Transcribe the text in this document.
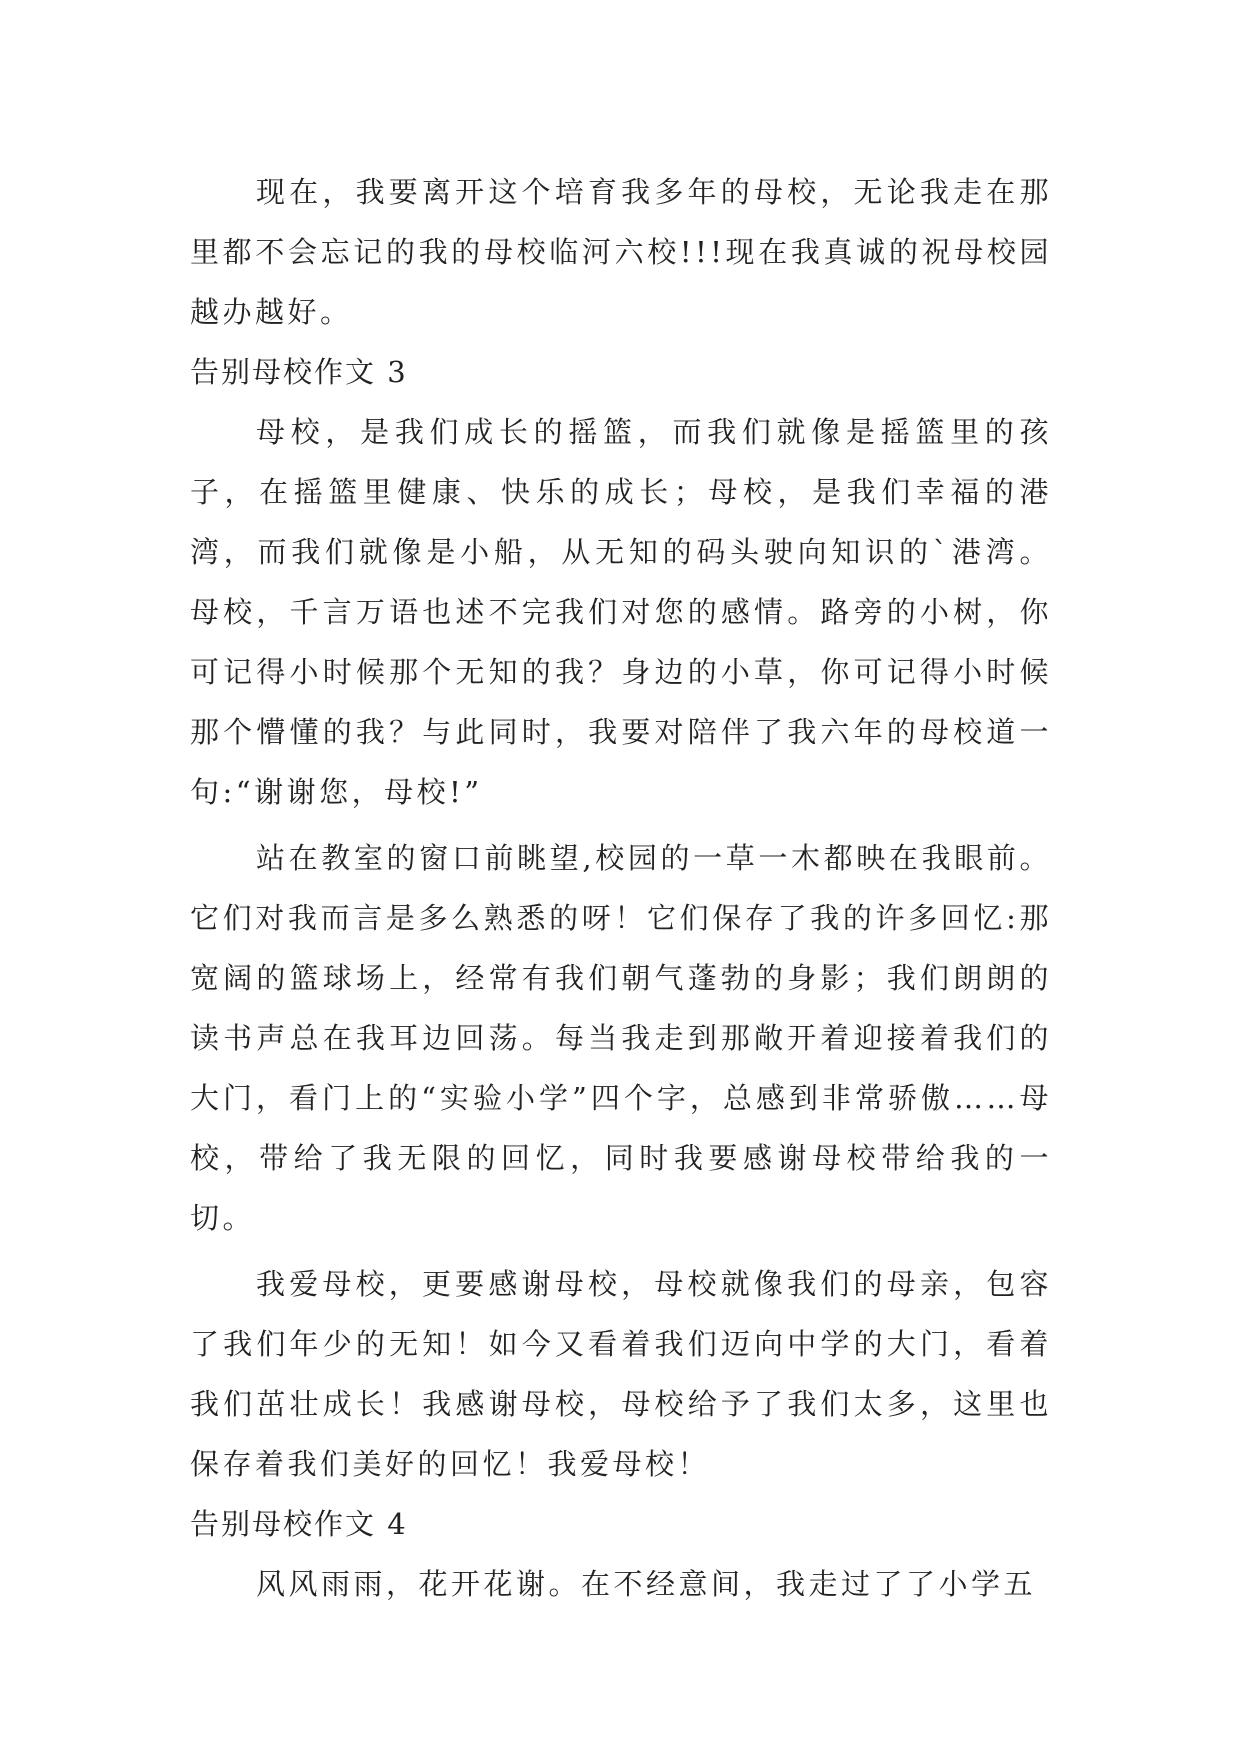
现在，我要离开这个培育我多年的母校，无论我走在那里都不会忘记的我的母校临河六校!!!现在我真诚的祝母校园越办越好。

告别母校作文 3

母校，是我们成长的摇篮，而我们就像是摇篮里的孩子，在摇篮里健康、快乐的成长；母校，是我们幸福的港湾，而我们就像是小船，从无知的码头驶向知识的`港湾。母校，千言万语也述不完我们对您的感情。路旁的小树，你可记得小时候那个无知的我？身边的小草，你可记得小时候那个懵懂的我？与此同时，我要对陪伴了我六年的母校道一句:“谢谢您，母校!”

站在教室的窗口前眺望,校园的一草一木都映在我眼前。它们对我而言是多么熟悉的呀！它们保存了我的许多回忆:那宽阔的篮球场上，经常有我们朝气蓬勃的身影；我们朗朗的读书声总在我耳边回荡。每当我走到那敞开着迎接着我们的大门，看门上的“实验小学”四个字，总感到非常骄傲……母校，带给了我无限的回忆，同时我要感谢母校带给我的一切。

我爱母校，更要感谢母校，母校就像我们的母亲，包容了我们年少的无知！如今又看着我们迈向中学的大门，看着我们茁壮成长！我感谢母校，母校给予了我们太多，这里也保存着我们美好的回忆！我爱母校！

告别母校作文 4

风风雨雨，花开花谢。在不经意间，我走过了了小学五
